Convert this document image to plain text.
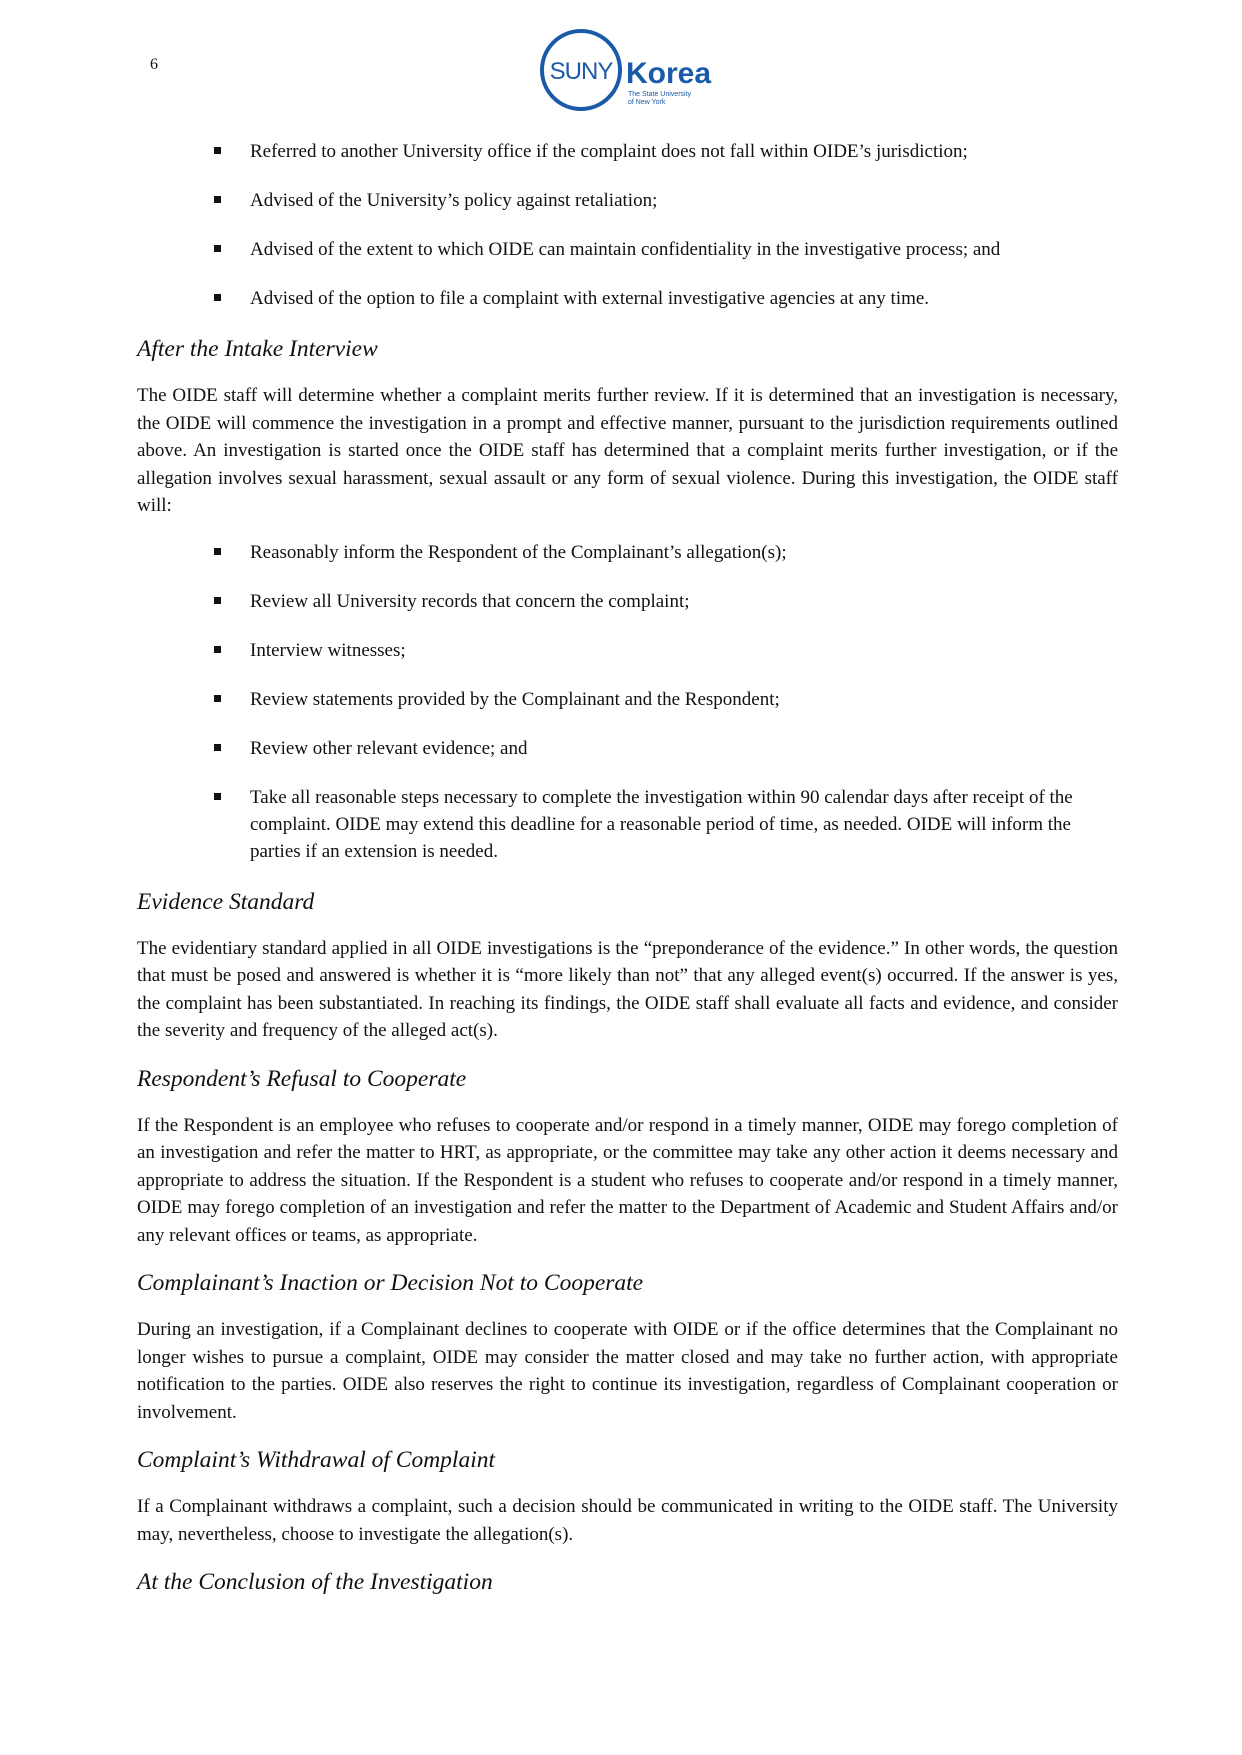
6	SUNY Korea
The State University
of New York
Referred to another University office if the complaint does not fall within OIDE’s jurisdiction;
Advised of the University’s policy against retaliation;
Advised of the extent to which OIDE can maintain confidentiality in the investigative process; and
Advised of the option to file a complaint with external investigative agencies at any time.
After the Intake Interview

The OIDE staff will determine whether a complaint merits further review. If it is determined that an investigation is necessary, the OIDE will commence the investigation in a prompt and effective manner, pursuant to the jurisdiction requirements outlined above. An investigation is started once the OIDE staff has determined that a complaint merits further investigation, or if the allegation involves sexual harassment, sexual assault or any form of sexual violence. During this investigation, the OIDE staff will:

Reasonably inform the Respondent of the Complainant’s allegation(s);
Review all University records that concern the complaint;
Interview witnesses;
Review statements provided by the Complainant and the Respondent;
Review other relevant evidence; and
Take all reasonable steps necessary to complete the investigation within 90 calendar days after receipt of the complaint. OIDE may extend this deadline for a reasonable period of time, as needed. OIDE will inform the parties if an extension is needed.
Evidence Standard

The evidentiary standard applied in all OIDE investigations is the “preponderance of the evidence.” In other words, the question that must be posed and answered is whether it is “more likely than not” that any alleged event(s) occurred. If the answer is yes, the complaint has been substantiated. In reaching its findings, the OIDE staff shall evaluate all facts and evidence, and consider the severity and frequency of the alleged act(s).

Respondent’s Refusal to Cooperate

If the Respondent is an employee who refuses to cooperate and/or respond in a timely manner, OIDE may forego completion of an investigation and refer the matter to HRT, as appropriate, or the committee may take any other action it deems necessary and appropriate to address the situation. If the Respondent is a student who refuses to cooperate and/or respond in a timely manner, OIDE may forego completion of an investigation and refer the matter to the Department of Academic and Student Affairs and/or any relevant offices or teams, as appropriate.

Complainant’s Inaction or Decision Not to Cooperate

During an investigation, if a Complainant declines to cooperate with OIDE or if the office determines that the Complainant no longer wishes to pursue a complaint, OIDE may consider the matter closed and may take no further action, with appropriate notification to the parties. OIDE also reserves the right to continue its investigation, regardless of Complainant cooperation or involvement.

Complaint’s Withdrawal of Complaint

If a Complainant withdraws a complaint, such a decision should be communicated in writing to the OIDE staff. The University may, nevertheless, choose to investigate the allegation(s).

At the Conclusion of the Investigation
